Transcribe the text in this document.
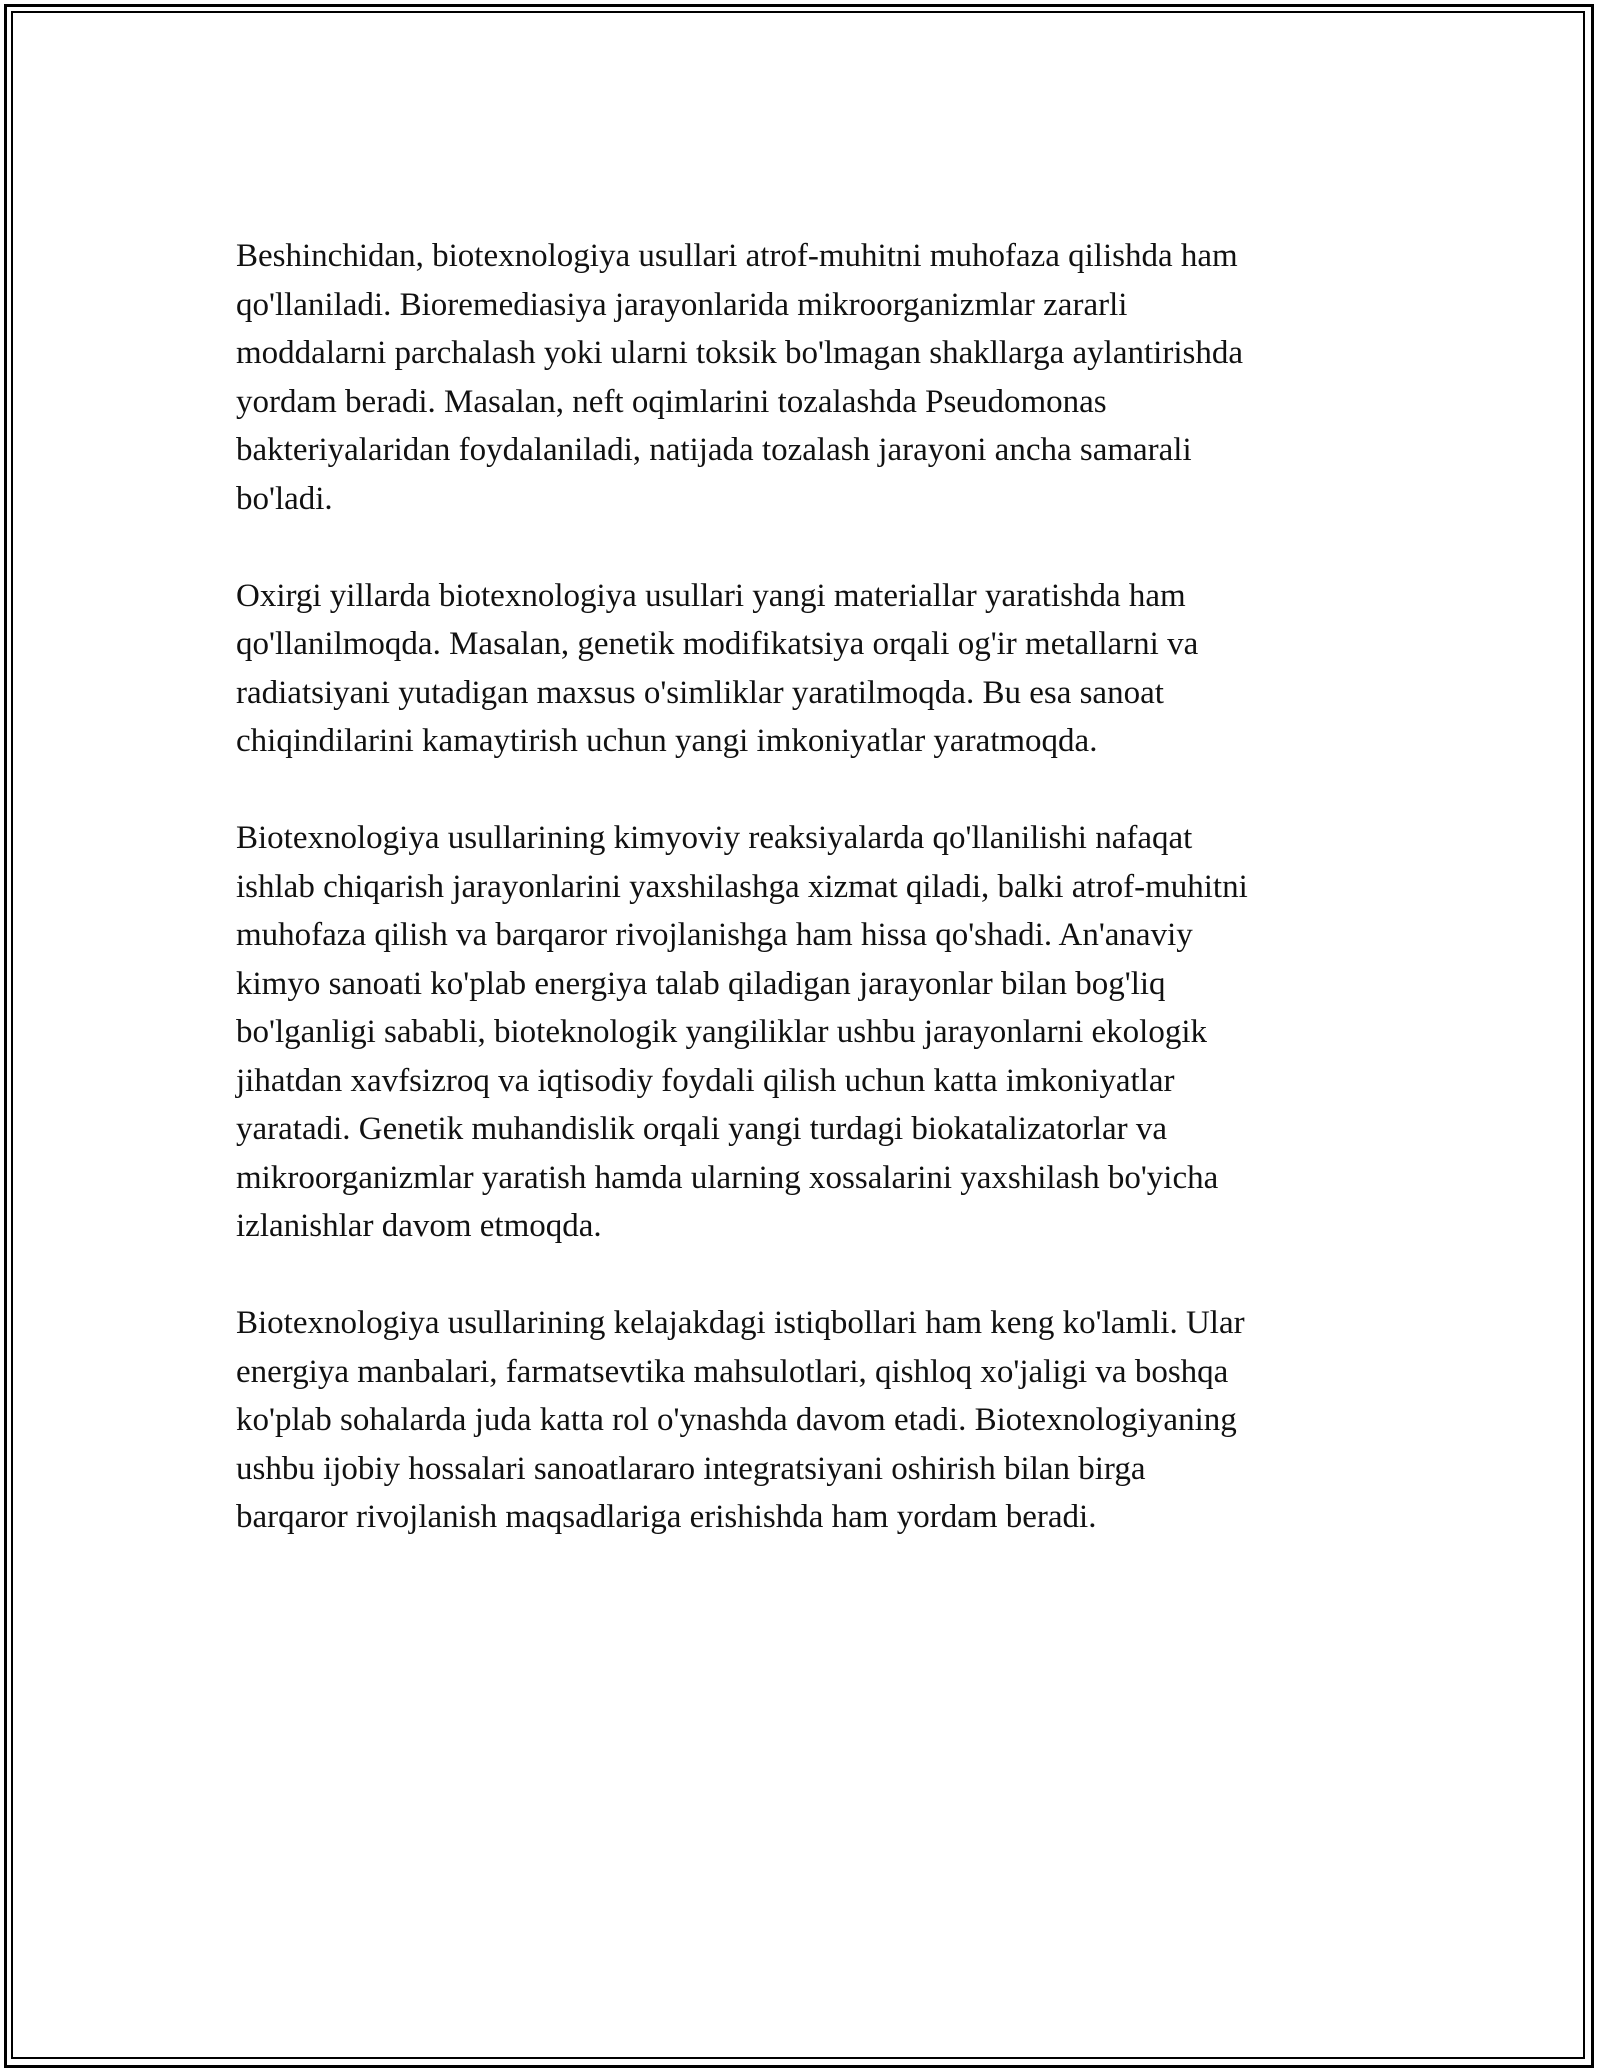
Beshinchidan, biotexnologiya usullari atrof-muhitni muhofaza qilishda ham
qo'llaniladi. Bioremediasiya jarayonlarida mikroorganizmlar zararli
moddalarni parchalash yoki ularni toksik bo'lmagan shakllarga aylantirishda
yordam beradi. Masalan, neft oqimlarini tozalashda Pseudomonas
bakteriyalaridan foydalaniladi, natijada tozalash jarayoni ancha samarali
bo'ladi.

Oxirgi yillarda biotexnologiya usullari yangi materiallar yaratishda ham
qo'llanilmoqda. Masalan, genetik modifikatsiya orqali og'ir metallarni va
radiatsiyani yutadigan maxsus o'simliklar yaratilmoqda. Bu esa sanoat
chiqindilarini kamaytirish uchun yangi imkoniyatlar yaratmoqda.

Biotexnologiya usullarining kimyoviy reaksiyalarda qo'llanilishi nafaqat
ishlab chiqarish jarayonlarini yaxshilashga xizmat qiladi, balki atrof-muhitni
muhofaza qilish va barqaror rivojlanishga ham hissa qo'shadi. An'anaviy
kimyo sanoati ko'plab energiya talab qiladigan jarayonlar bilan bog'liq
bo'lganligi sababli, bioteknologik yangiliklar ushbu jarayonlarni ekologik
jihatdan xavfsizroq va iqtisodiy foydali qilish uchun katta imkoniyatlar
yaratadi. Genetik muhandislik orqali yangi turdagi biokatalizatorlar va
mikroorganizmlar yaratish hamda ularning xossalarini yaxshilash bo'yicha
izlanishlar davom etmoqda.

Biotexnologiya usullarining kelajakdagi istiqbollari ham keng ko'lamli. Ular
energiya manbalari, farmatsevtika mahsulotlari, qishloq xo'jaligi va boshqa
ko'plab sohalarda juda katta rol o'ynashda davom etadi. Biotexnologiyaning
ushbu ijobiy hossalari sanoatlararo integratsiyani oshirish bilan birga
barqaror rivojlanish maqsadlariga erishishda ham yordam beradi.
